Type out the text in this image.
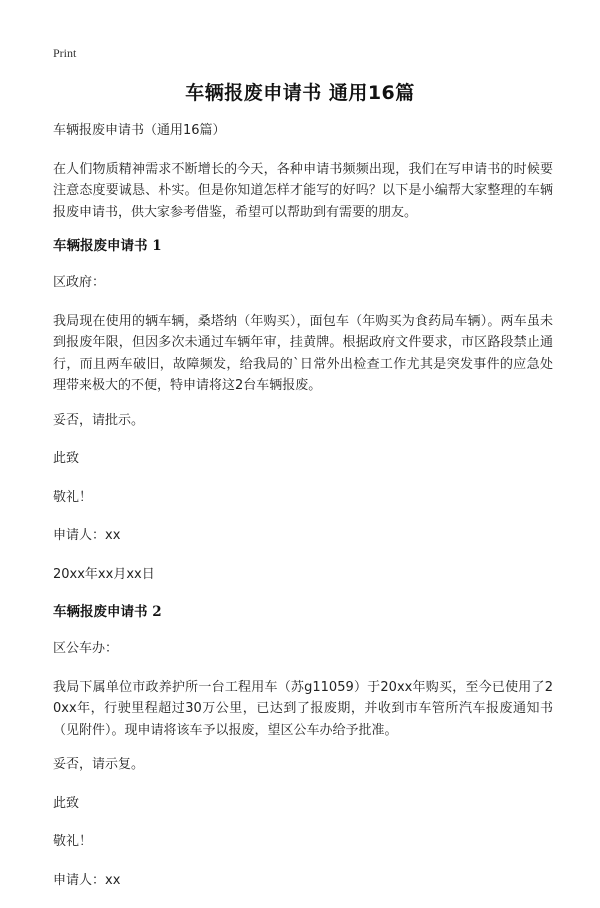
Print
车辆报废申请书 通用16篇

车辆报废申请书（通用16篇）

在人们物质精神需求不断增长的今天，各种申请书频频出现，我们在写申请书的时候要注意态度要诚恳、朴实。但是你知道怎样才能写的好吗？以下是小编帮大家整理的车辆报废申请书，供大家参考借鉴，希望可以帮助到有需要的朋友。

车辆报废申请书 1

区政府：

我局现在使用的辆车辆，桑塔纳（年购买），面包车（年购买为食药局车辆）。两车虽未到报废年限，但因多次未通过车辆年审，挂黄牌。根据政府文件要求，市区路段禁止通行，而且两车破旧，故障频发，给我局的`日常外出检查工作尤其是突发事件的应急处理带来极大的不便，特申请将这2台车辆报废。

妥否，请批示。

此致

敬礼！

申请人：xx

20xx年xx月xx日

车辆报废申请书 2

区公车办：

我局下属单位市政养护所一台工程用车（苏g11059）于20xx年购买，至今已使用了20xx年，行驶里程超过30万公里，已达到了报废期，并收到市车管所汽车报废通知书（见附件）。现申请将该车予以报废，望区公车办给予批准。

妥否，请示复。

此致

敬礼！

申请人：xx
